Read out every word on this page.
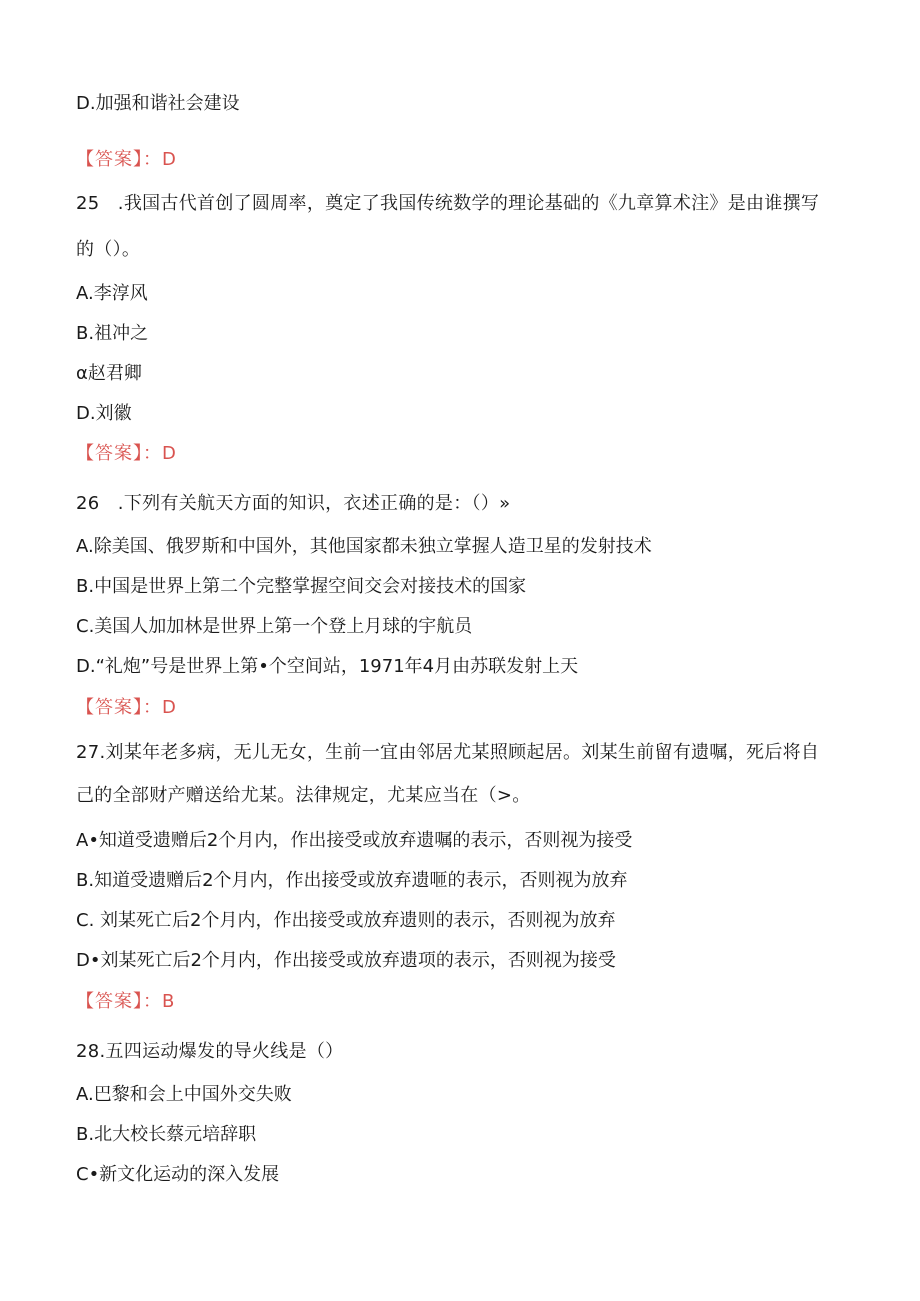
D.加强和谐社会建设
【答案】：D
25　.我国古代首创了圆周率，奠定了我国传统数学的理论基础的《九章算术注》是由谁撰写
的（）。
A.李淳风
B.祖冲之
α赵君卿
D.刘徽
【答案】：D
26　.下列有关航天方面的知识，衣述正确的是：（）»
A.除美国、俄罗斯和中国外，其他国家都未独立掌握人造卫星的发射技术
B.中国是世界上第二个完整掌握空间交会对接技术的国家
C.美国人加加林是世界上第一个登上月球的宇航员
D.“礼炮”号是世界上第•个空间站，1971年4月由苏联发射上天
【答案】：D
27.刘某年老多病，无儿无女，生前一宜由邻居尤某照顾起居。刘某生前留有遗嘱，死后将自
己的全部财产赠送给尤某。法律规定，尤某应当在（>。
A•知道受遗赠后2个月内，作出接受或放弃遗嘱的表示，否则视为接受
B.知道受遗赠后2个月内，作出接受或放弃遗咂的表示，否则视为放弃
C. 刘某死亡后2个月内，作出接受或放弃遗则的表示，否则视为放弃
D•刘某死亡后2个月内，作出接受或放弃遗项的表示，否则视为接受
【答案】：B
28.五四运动爆发的导火线是（）
A.巴黎和会上中国外交失败
B.北大校长蔡元培辞职
C•新文化运动的深入发展
